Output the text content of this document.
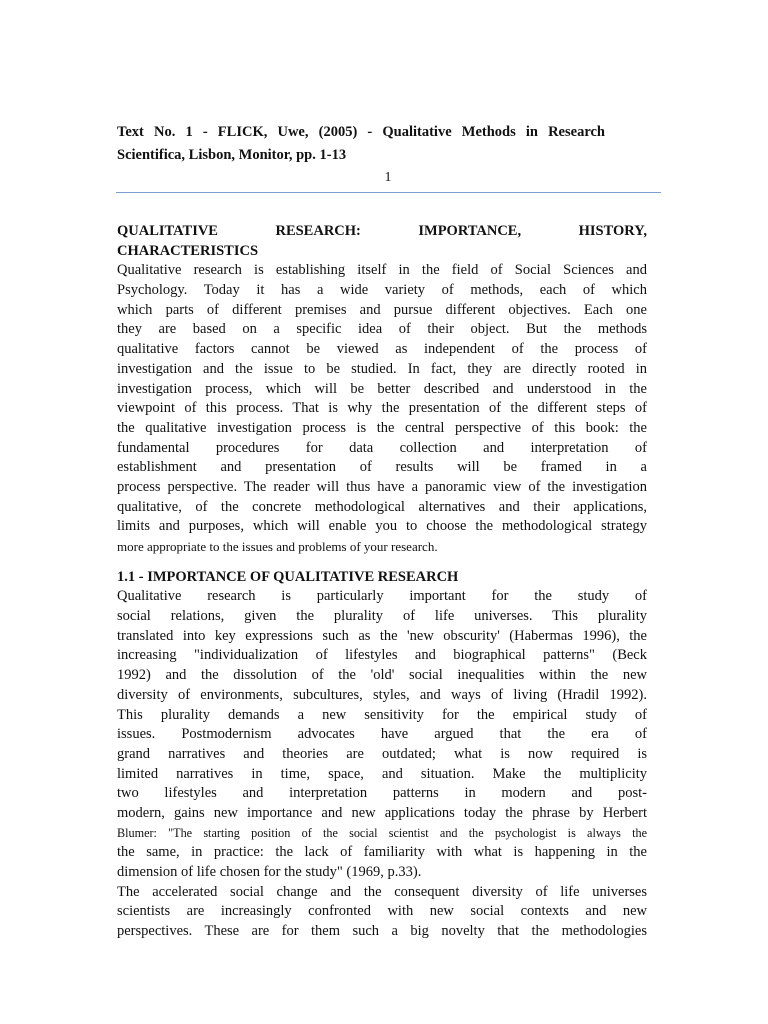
Text No. 1 - FLICK, Uwe, (2005) - Qualitative Methods in Research
Scientifica, Lisbon, Monitor, pp. 1-13
1
QUALITATIVE RESEARCH: IMPORTANCE, HISTORY,
CHARACTERISTICS
Qualitative research is establishing itself in the field of Social Sciences and
Psychology. Today it has a wide variety of methods, each of which
which parts of different premises and pursue different objectives. Each one
they are based on a specific idea of their object. But the methods
qualitative factors cannot be viewed as independent of the process of
investigation and the issue to be studied. In fact, they are directly rooted in
investigation process, which will be better described and understood in the
viewpoint of this process. That is why the presentation of the different steps of
the qualitative investigation process is the central perspective of this book: the
fundamental procedures for data collection and interpretation of
establishment and presentation of results will be framed in a
process perspective. The reader will thus have a panoramic view of the investigation
qualitative, of the concrete methodological alternatives and their applications,
limits and purposes, which will enable you to choose the methodological strategy
more appropriate to the issues and problems of your research.
1.1 - IMPORTANCE OF QUALITATIVE RESEARCH
Qualitative research is particularly important for the study of
social relations, given the plurality of life universes. This plurality
translated into key expressions such as the 'new obscurity' (Habermas 1996), the
increasing "individualization of lifestyles and biographical patterns" (Beck
1992) and the dissolution of the 'old' social inequalities within the new
diversity of environments, subcultures, styles, and ways of living (Hradil 1992).
This plurality demands a new sensitivity for the empirical study of
issues. Postmodernism advocates have argued that the era of
grand narratives and theories are outdated; what is now required is
limited narratives in time, space, and situation. Make the multiplicity
two lifestyles and interpretation patterns in modern and post-
modern, gains new importance and new applications today the phrase by Herbert
Blumer: "The starting position of the social scientist and the psychologist is always the
the same, in practice: the lack of familiarity with what is happening in the
dimension of life chosen for the study" (1969, p.33).
The accelerated social change and the consequent diversity of life universes
scientists are increasingly confronted with new social contexts and new
perspectives. These are for them such a big novelty that the methodologies
